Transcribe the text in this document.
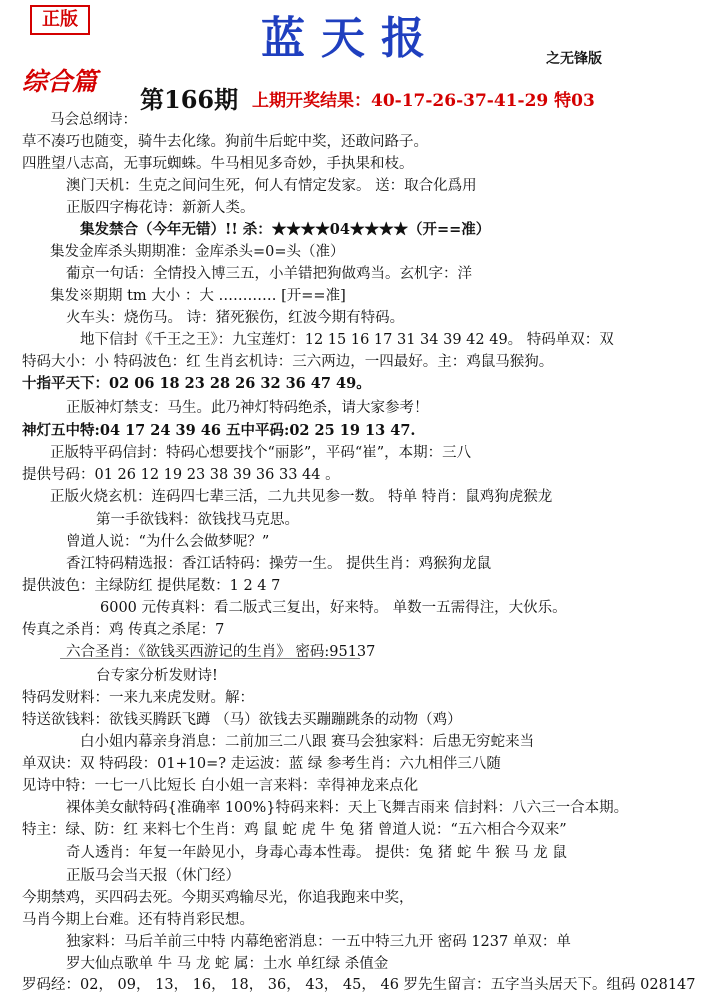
正版	蓝天报	之无锋版
综合篇
第166期 上期开奖结果：40-17-26-37-41-29 特03
马会总纲诗：
草不凑巧也随变，骑牛去化缘。狗前牛后蛇中奖，还敢问路子。
四胜望八志高，无事玩蜘蛛。牛马相见多奇妙，手执果和枝。
澳门天机：生克之间问生死，何人有情定发家。 送：取合化爲用
正版四字梅花诗：新新人类。
集发禁合（今年无错）!! 杀：★★★★04★★★★（开==准）
集发金库杀头期期准：金库杀头=0=头（准）
葡京一句话：全情投入博三五，小羊错把狗做鸡当。玄机字：洋
集发※期期 tm 大小 ：大 ………… [开==准]
火车头：烧伤马。 诗：猪死猴伤，红波今期有特码。
地下信封《千王之王》：九宝莲灯：12 15 16 17 31 34 39 42 49。 特码单双：双
特码大小：小 特码波色：红 生肖玄机诗：三六两边，一四最好。主：鸡鼠马猴狗。
十指平天下：02 06 18 23 28 26 32 36 47 49。
正版神灯禁支：马生。此乃神灯特码绝杀，请大家参考！
神灯五中特:04 17 24 39 46 五中平码:02 25 19 13 47.
正版特平码信封：特码心想要找个“丽影”，平码“崔”，本期：三八
提供号码：01 26 12 19 23 38 39 36 33 44 。
正版火烧玄机：连码四七辈三活，二九共见参一数。 特单 特肖：鼠鸡狗虎猴龙
第一手欲钱料：欲钱找马克思。
曾道人说：“为什么会做梦呢？”
香江特码精选报：香江话特码：操劳一生。 提供生肖：鸡猴狗龙鼠
提供波色：主绿防红 提供尾数：1 2 4 7
6000 元传真料：看二版式三复出，好来特。 单数一五需得注，大伙乐。
传真之杀肖：鸡 传真之杀尾：7
六合圣肖：《欲钱买西游记的生肖》 密码:95137
台专家分析发财诗!
特码发财料：一来九来虎发财。解：
特送欲钱料：欲钱买腾跃飞蹲 （马）欲钱去买蹦蹦跳条的动物（鸡）
白小姐内幕亲身消息：二前加三二八跟 赛马会独家料：后患无穷蛇来当
单双诀：双 特码段：01+10=? 走运波：蓝 绿 参考生肖：六九相伴三八随
见诗中特：一七一八比短长 白小姐一言来料：幸得神龙来点化
裸体美女献特码{准确率 100%}特码来料：天上飞舞吉雨来 信封料：八六三一合本期。
特主：绿、防：红 来料七个生肖：鸡 鼠 蛇 虎 牛 兔 猪 曾道人说：“五六相合今双来”
奇人透肖：年复一年龄见小，身毒心毒本性毒。 提供：兔 猪 蛇 牛 猴 马 龙 鼠
正版马会当天报（休门经）
今期禁鸡，买四码去死。今期买鸡输尽光，你追我跑来中奖，
马肖今期上台难。还有特肖彩民想。
独家料：马后羊前三中特 内幕绝密消息：一五中特三九开 密码 1237 单双：单
罗大仙点歌单 牛 马 龙 蛇 属：土水 单红绿 杀值金
罗码经：02， 09， 13， 16， 18， 36， 43， 45， 46 罗先生留言：五字当头居天下。组码 028147
